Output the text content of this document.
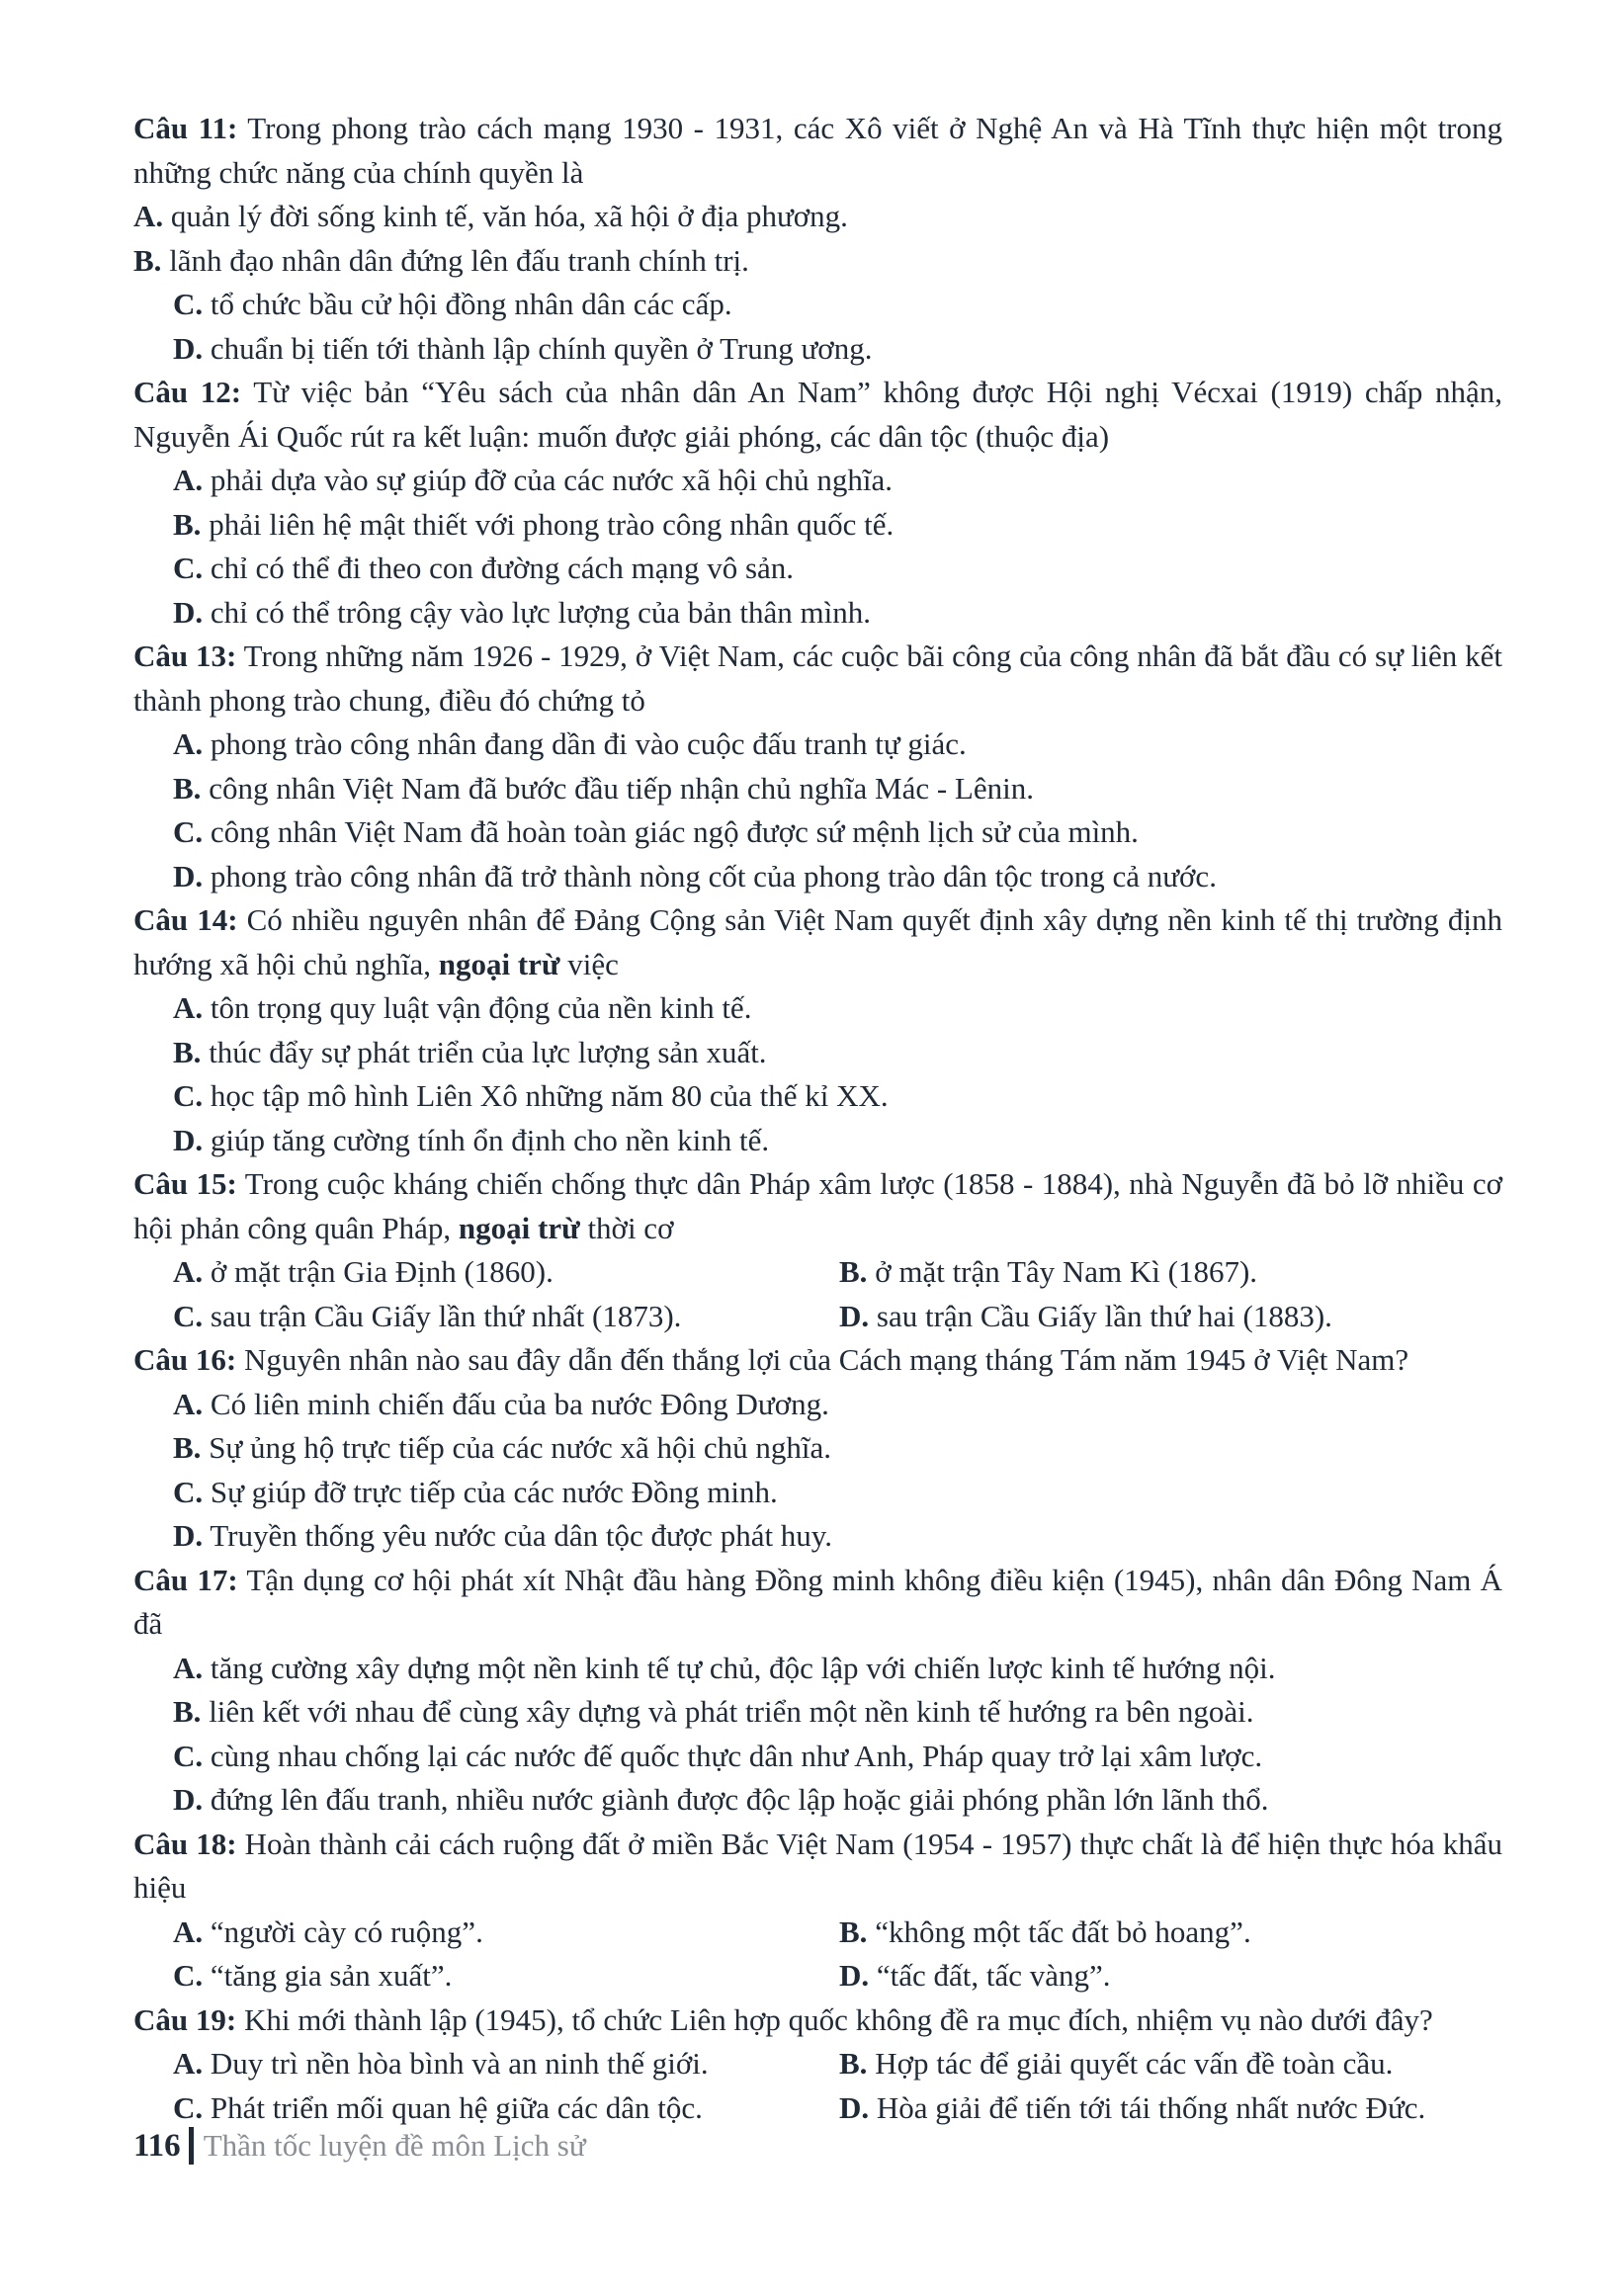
Câu 11: Trong phong trào cách mạng 1930 - 1931, các Xô viết ở Nghệ An và Hà Tĩnh thực hiện một trong những chức năng của chính quyền là

A. quản lý đời sống kinh tế, văn hóa, xã hội ở địa phương.

B. lãnh đạo nhân dân đứng lên đấu tranh chính trị.

C. tổ chức bầu cử hội đồng nhân dân các cấp.

D. chuẩn bị tiến tới thành lập chính quyền ở Trung ương.

Câu 12: Từ việc bản “Yêu sách của nhân dân An Nam” không được Hội nghị Vécxai (1919) chấp nhận, Nguyễn Ái Quốc rút ra kết luận: muốn được giải phóng, các dân tộc (thuộc địa)

A. phải dựa vào sự giúp đỡ của các nước xã hội chủ nghĩa.

B. phải liên hệ mật thiết với phong trào công nhân quốc tế.

C. chỉ có thể đi theo con đường cách mạng vô sản.

D. chỉ có thể trông cậy vào lực lượng của bản thân mình.

Câu 13: Trong những năm 1926 - 1929, ở Việt Nam, các cuộc bãi công của công nhân đã bắt đầu có sự liên kết thành phong trào chung, điều đó chứng tỏ

A. phong trào công nhân đang dần đi vào cuộc đấu tranh tự giác.

B. công nhân Việt Nam đã bước đầu tiếp nhận chủ nghĩa Mác - Lênin.

C. công nhân Việt Nam đã hoàn toàn giác ngộ được sứ mệnh lịch sử của mình.

D. phong trào công nhân đã trở thành nòng cốt của phong trào dân tộc trong cả nước.

Câu 14: Có nhiều nguyên nhân để Đảng Cộng sản Việt Nam quyết định xây dựng nền kinh tế thị trường định hướng xã hội chủ nghĩa, ngoại trừ việc

A. tôn trọng quy luật vận động của nền kinh tế.

B. thúc đẩy sự phát triển của lực lượng sản xuất.

C. học tập mô hình Liên Xô những năm 80 của thế kỉ XX.

D. giúp tăng cường tính ổn định cho nền kinh tế.

Câu 15: Trong cuộc kháng chiến chống thực dân Pháp xâm lược (1858 - 1884), nhà Nguyễn đã bỏ lỡ nhiều cơ hội phản công quân Pháp, ngoại trừ thời cơ

A. ở mặt trận Gia Định (1860).	B. ở mặt trận Tây Nam Kì (1867).

C. sau trận Cầu Giấy lần thứ nhất (1873).	D. sau trận Cầu Giấy lần thứ hai (1883).

Câu 16: Nguyên nhân nào sau đây dẫn đến thắng lợi của Cách mạng tháng Tám năm 1945 ở Việt Nam?

A. Có liên minh chiến đấu của ba nước Đông Dương.

B. Sự ủng hộ trực tiếp của các nước xã hội chủ nghĩa.

C. Sự giúp đỡ trực tiếp của các nước Đồng minh.

D. Truyền thống yêu nước của dân tộc được phát huy.

Câu 17: Tận dụng cơ hội phát xít Nhật đầu hàng Đồng minh không điều kiện (1945), nhân dân Đông Nam Á đã

A. tăng cường xây dựng một nền kinh tế tự chủ, độc lập với chiến lược kinh tế hướng nội.

B. liên kết với nhau để cùng xây dựng và phát triển một nền kinh tế hướng ra bên ngoài.

C. cùng nhau chống lại các nước đế quốc thực dân như Anh, Pháp quay trở lại xâm lược.

D. đứng lên đấu tranh, nhiều nước giành được độc lập hoặc giải phóng phần lớn lãnh thổ.

Câu 18: Hoàn thành cải cách ruộng đất ở miền Bắc Việt Nam (1954 - 1957) thực chất là để hiện thực hóa khẩu hiệu

A. “người cày có ruộng”.	B. “không một tấc đất bỏ hoang”.

C. “tăng gia sản xuất”.	D. “tấc đất, tấc vàng”.

Câu 19: Khi mới thành lập (1945), tổ chức Liên hợp quốc không đề ra mục đích, nhiệm vụ nào dưới đây?

A. Duy trì nền hòa bình và an ninh thế giới.	B. Hợp tác để giải quyết các vấn đề toàn cầu.

C. Phát triển mối quan hệ giữa các dân tộc.	D. Hòa giải để tiến tới tái thống nhất nước Đức.

116 Thần tốc luyện đề môn Lịch sử
